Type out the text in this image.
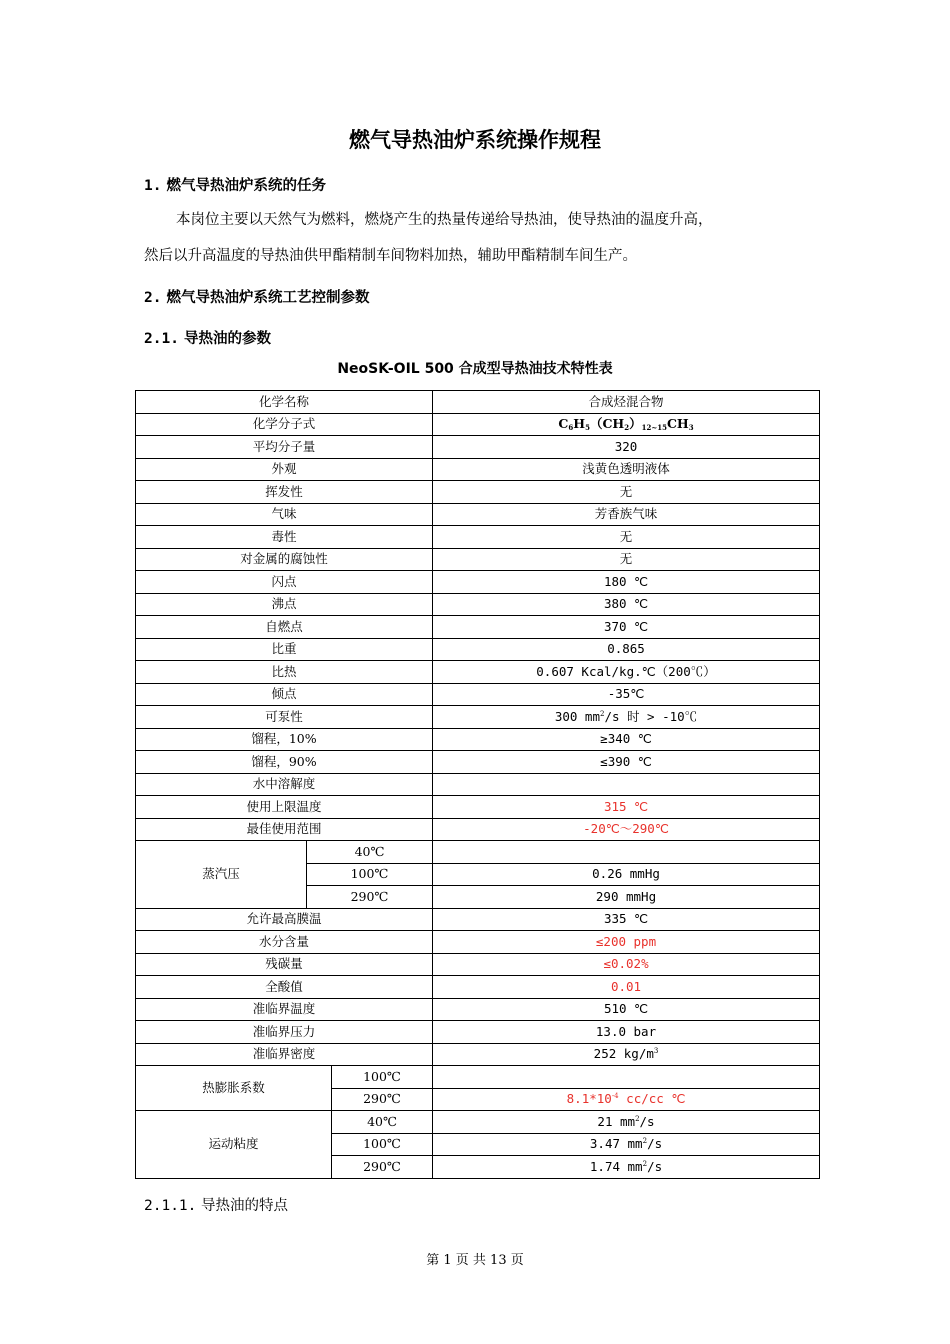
燃气导热油炉系统操作规程
1. 燃气导热油炉系统的任务
本岗位主要以天然气为燃料，燃烧产生的热量传递给导热油，使导热油的温度升高，
然后以升高温度的导热油供甲酯精制车间物料加热，辅助甲酯精制车间生产。
2. 燃气导热油炉系统工艺控制参数
2.1. 导热油的参数
NeoSK-OIL 500 合成型导热油技术特性表
化学名称			合成烃混合物
化学分子式			$C_6H_5(CH_2)_{12\sim 15}CH_3$
平均分子量			320
外观			浅黄色透明液体
挥发性			无
气味			芳香族气味
毒性			无
对金属的腐蚀性			无
闪点			180 ℃
沸点			380 ℃
自燃点			370 ℃
比重			0.865
比热			0.607 Kcal/kg.℃（200℃）
倾点			-35℃
可泵性			300 $mm^2/s$ 时 > -10℃
馏程，10%			≥340 ℃
馏程，90%			≤390 ℃
水中溶解度			
使用上限温度			315 ℃
最佳使用范围			-20℃～290℃
蒸汽压	40℃		
	100℃		0.26 mmHg
	290℃		290 mmHg
允许最高膜温			335 ℃
水分含量			≤200 ppm
残碳量			≤0.02%
全酸值			0.01
准临界温度			510 ℃
准临界压力			13.0 bar
准临界密度			252 $kg/m^3$
热膨胀系数		100℃	
		290℃	$8.1*10^{-4}$ cc/cc ℃
运动粘度		40℃	21 $mm^2/s$
		100℃	3.47 $mm^2/s$
		290℃	1.74 $mm^2/s$
2.1.1. 导热油的特点
第 1 页 共 13 页
